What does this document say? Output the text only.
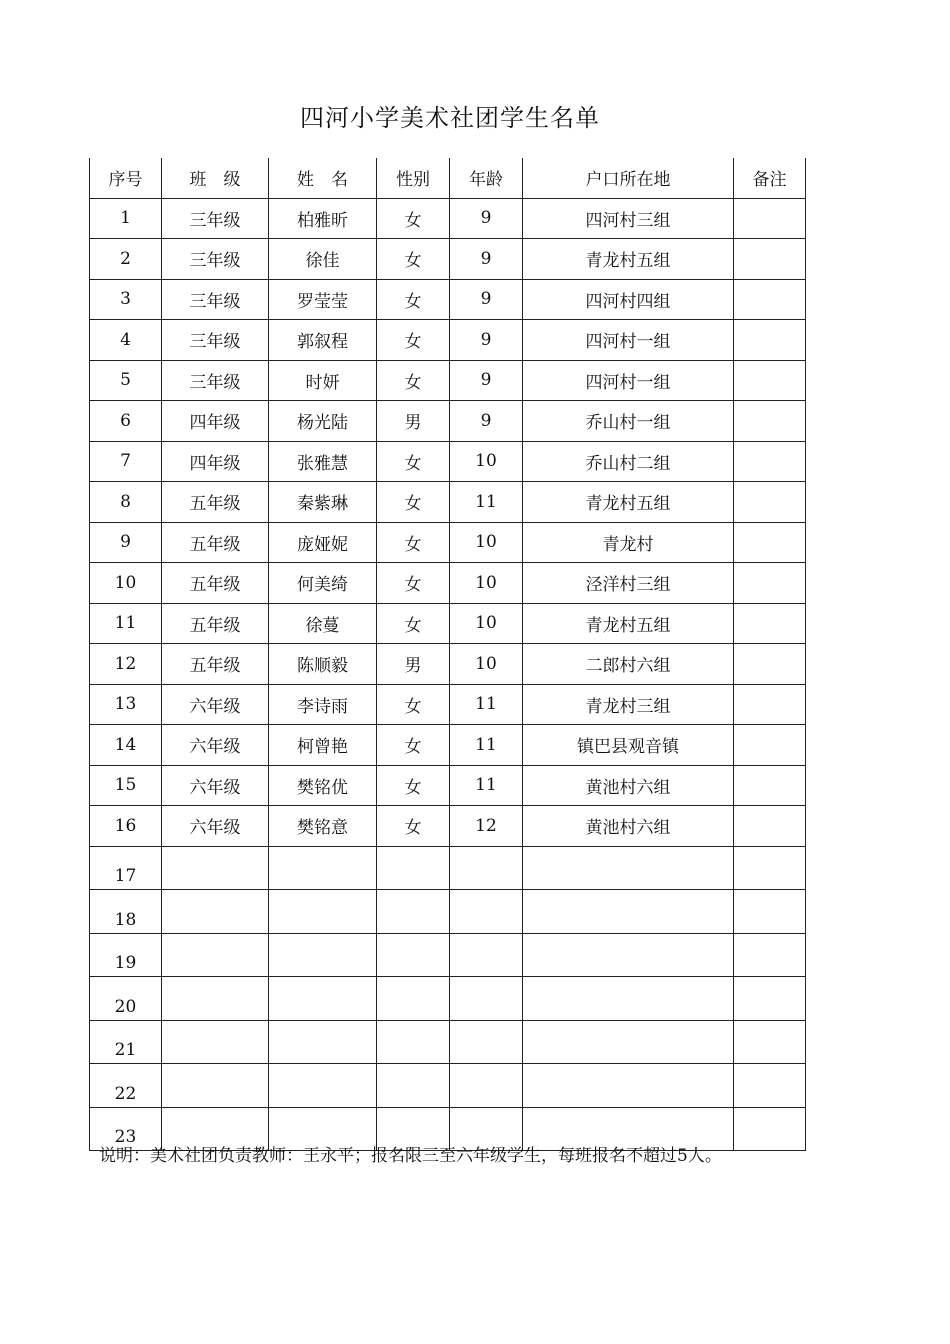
四河小学美术社团学生名单
序号	班　级	姓　名	性别	年龄	户口所在地	备注
1	三年级	柏雅昕	女	9	四河村三组	
2	三年级	徐佳	女	9	青龙村五组	
3	三年级	罗莹莹	女	9	四河村四组	
4	三年级	郭叙程	女	9	四河村一组	
5	三年级	时妍	女	9	四河村一组	
6	四年级	杨光陆	男	9	乔山村一组	
7	四年级	张雅慧	女	10	乔山村二组	
8	五年级	秦紫琳	女	11	青龙村五组	
9	五年级	庞娅妮	女	10	青龙村	
10	五年级	何美绮	女	10	泾洋村三组	
11	五年级	徐蔓	女	10	青龙村五组	
12	五年级	陈顺毅	男	10	二郎村六组	
13	六年级	李诗雨	女	11	青龙村三组	
14	六年级	柯曾艳	女	11	镇巴县观音镇	
15	六年级	樊铭优	女	11	黄池村六组	
16	六年级	樊铭意	女	12	黄池村六组	
17						
18						
19						
20						
21						
22						
23						
说明：美术社团负责教师：王永平；报名限三至六年级学生，每班报名不超过5人。
